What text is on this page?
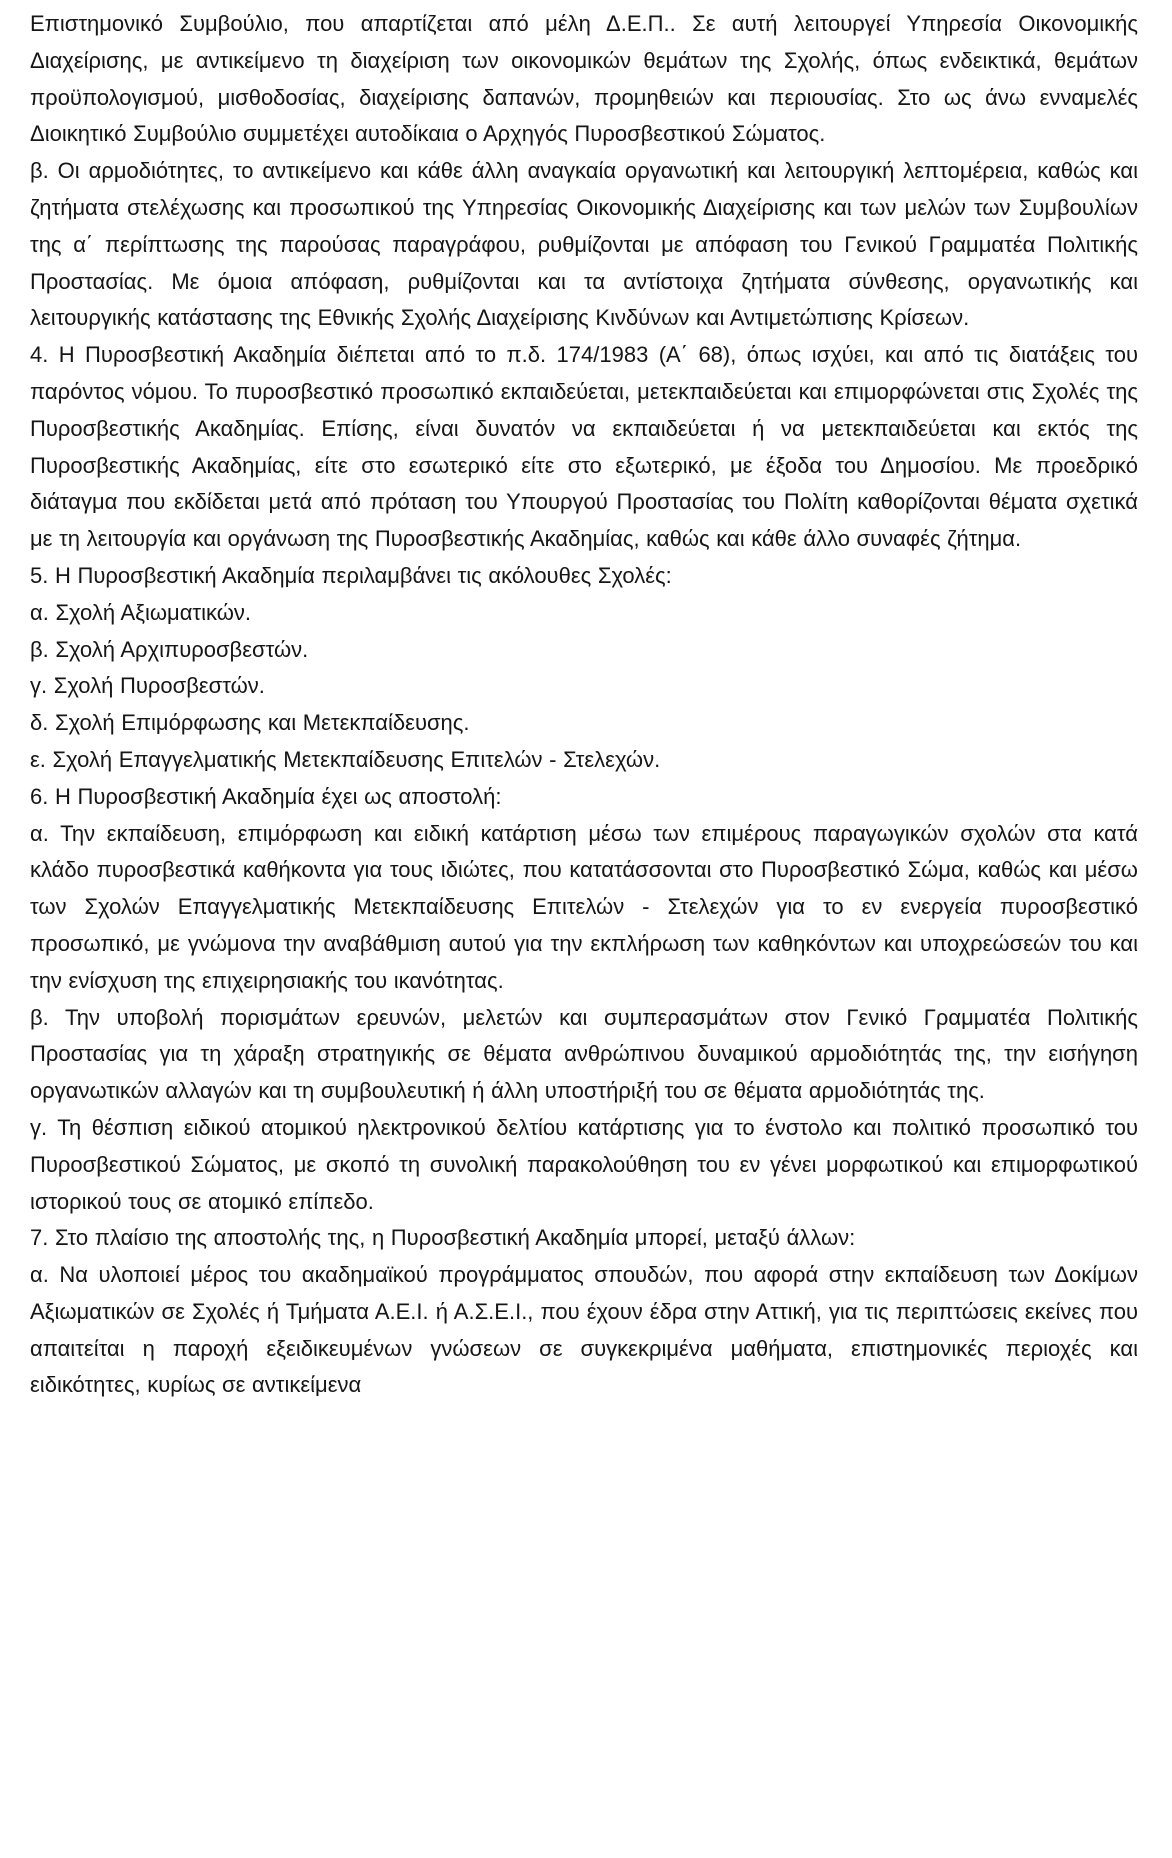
Επιστημονικό Συμβούλιο, που απαρτίζεται από μέλη Δ.Ε.Π.. Σε αυτή λειτουργεί Υπηρεσία Οικονομικής Διαχείρισης, με αντικείμενο τη διαχείριση των οικονομικών θεμάτων της Σχολής, όπως ενδεικτικά, θεμάτων προϋπολογισμού, μισθοδοσίας, διαχείρισης δαπανών, προμηθειών και περιουσίας. Στο ως άνω ενναμελές Διοικητικό Συμβούλιο συμμετέχει αυτοδίκαια ο Αρχηγός Πυροσβεστικού Σώματος.

β. Οι αρμοδιότητες, το αντικείμενο και κάθε άλλη αναγκαία οργανωτική και λειτουργική λεπτομέρεια, καθώς και ζητήματα στελέχωσης και προσωπικού της Υπηρεσίας Οικονομικής Διαχείρισης και των μελών των Συμβουλίων της α΄ περίπτωσης της παρούσας παραγράφου, ρυθμίζονται με απόφαση του Γενικού Γραμματέα Πολιτικής Προστασίας. Με όμοια απόφαση, ρυθμίζονται και τα αντίστοιχα ζητήματα σύνθεσης, οργανωτικής και λειτουργικής κατάστασης της Εθνικής Σχολής Διαχείρισης Κινδύνων και Αντιμετώπισης Κρίσεων.

4. Η Πυροσβεστική Ακαδημία διέπεται από το π.δ. 174/1983 (Α΄ 68), όπως ισχύει, και από τις διατάξεις του παρόντος νόμου. Το πυροσβεστικό προσωπικό εκπαιδεύεται, μετεκπαιδεύεται και επιμορφώνεται στις Σχολές της Πυροσβεστικής Ακαδημίας. Επίσης, είναι δυνατόν να εκπαιδεύεται ή να μετεκπαιδεύεται και εκτός της Πυροσβεστικής Ακαδημίας, είτε στο εσωτερικό είτε στο εξωτερικό, με έξοδα του Δημοσίου. Με προεδρικό διάταγμα που εκδίδεται μετά από πρόταση του Υπουργού Προστασίας του Πολίτη καθορίζονται θέματα σχετικά με τη λειτουργία και οργάνωση της Πυροσβεστικής Ακαδημίας, καθώς και κάθε άλλο συναφές ζήτημα.

5. Η Πυροσβεστική Ακαδημία περιλαμβάνει τις ακόλουθες Σχολές:

α. Σχολή Αξιωματικών.

β. Σχολή Αρχιπυροσβεστών.

γ. Σχολή Πυροσβεστών.

δ. Σχολή Επιμόρφωσης και Μετεκπαίδευσης.

ε. Σχολή Επαγγελματικής Μετεκπαίδευσης Επιτελών - Στελεχών.

6. Η Πυροσβεστική Ακαδημία έχει ως αποστολή:

α. Την εκπαίδευση, επιμόρφωση και ειδική κατάρτιση μέσω των επιμέρους παραγωγικών σχολών στα κατά κλάδο πυροσβεστικά καθήκοντα για τους ιδιώτες, που κατατάσσονται στο Πυροσβεστικό Σώμα, καθώς και μέσω των Σχολών Επαγγελματικής Μετεκπαίδευσης Επιτελών - Στελεχών για το εν ενεργεία πυροσβεστικό προσωπικό, με γνώμονα την αναβάθμιση αυτού για την εκπλήρωση των καθηκόντων και υποχρεώσεών του και την ενίσχυση της επιχειρησιακής του ικανότητας.

β. Την υποβολή πορισμάτων ερευνών, μελετών και συμπερασμάτων στον Γενικό Γραμματέα Πολιτικής Προστασίας για τη χάραξη στρατηγικής σε θέματα ανθρώπινου δυναμικού αρμοδιότητάς της, την εισήγηση οργανωτικών αλλαγών και τη συμβουλευτική ή άλλη υποστήριξή του σε θέματα αρμοδιότητάς της.

γ. Τη θέσπιση ειδικού ατομικού ηλεκτρονικού δελτίου κατάρτισης για το ένστολο και πολιτικό προσωπικό του Πυροσβεστικού Σώματος, με σκοπό τη συνολική παρακολούθηση του εν γένει μορφωτικού και επιμορφωτικού ιστορικού τους σε ατομικό επίπεδο.

7. Στο πλαίσιο της αποστολής της, η Πυροσβεστική Ακαδημία μπορεί, μεταξύ άλλων:

α. Να υλοποιεί μέρος του ακαδημαϊκού προγράμματος σπουδών, που αφορά στην εκπαίδευση των Δοκίμων Αξιωματικών σε Σχολές ή Τμήματα Α.Ε.Ι. ή Α.Σ.Ε.Ι., που έχουν έδρα στην Αττική, για τις περιπτώσεις εκείνες που απαιτείται η παροχή εξειδικευμένων γνώσεων σε συγκεκριμένα μαθήματα, επιστημονικές περιοχές και ειδικότητες, κυρίως σε αντικείμενα
